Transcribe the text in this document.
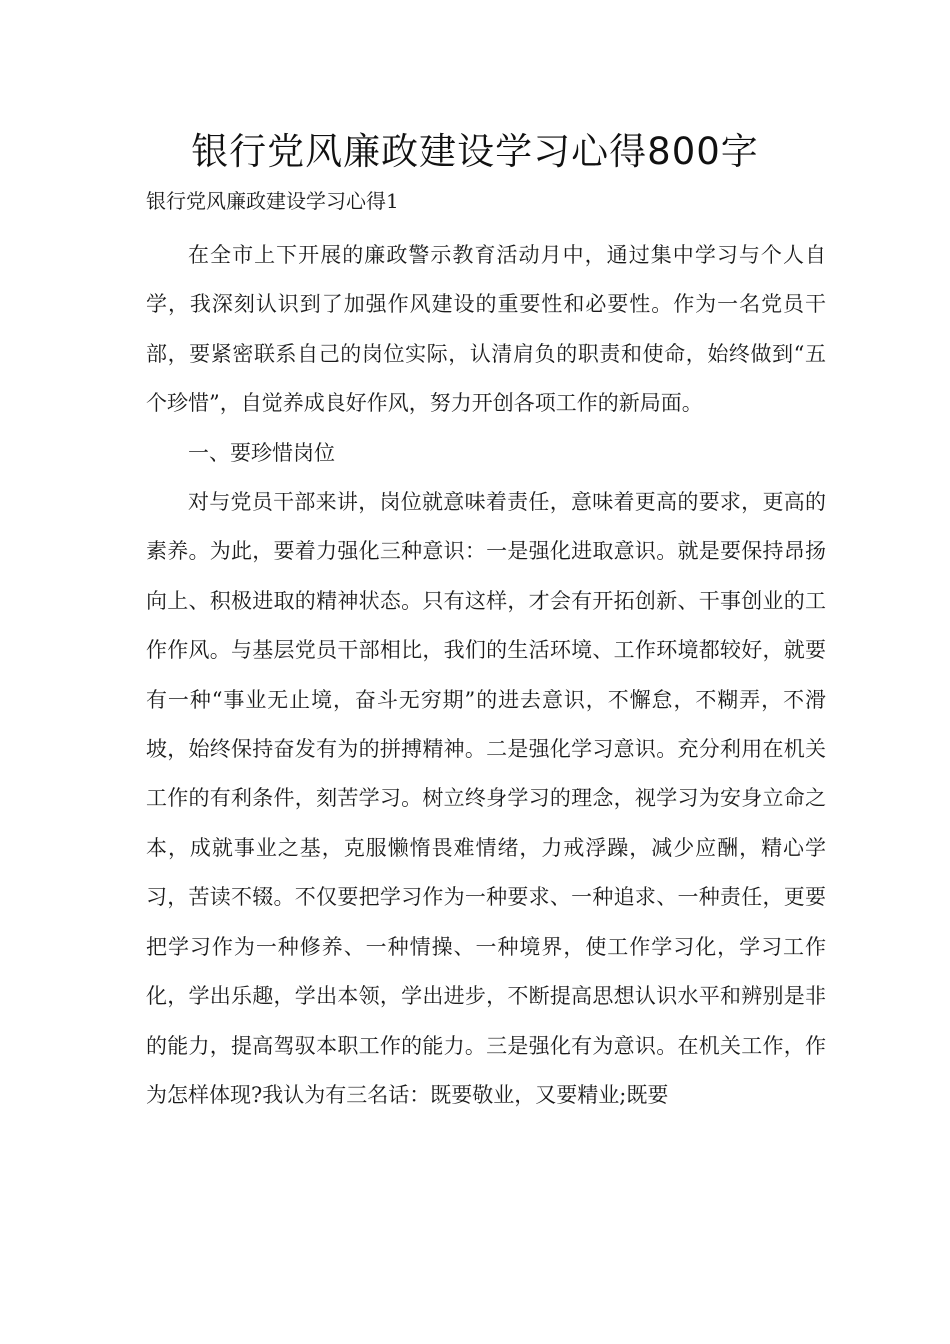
银行党风廉政建设学习心得800字
银行党风廉政建设学习心得1

在全市上下开展的廉政警示教育活动月中，通过集中学习与个人自学，我深刻认识到了加强作风建设的重要性和必要性。作为一名党员干部，要紧密联系自己的岗位实际，认清肩负的职责和使命，始终做到“五个珍惜”，自觉养成良好作风，努力开创各项工作的新局面。

一、要珍惜岗位

对与党员干部来讲，岗位就意味着责任，意味着更高的要求，更高的素养。为此，要着力强化三种意识：一是强化进取意识。就是要保持昂扬向上、积极进取的精神状态。只有这样，才会有开拓创新、干事创业的工作作风。与基层党员干部相比，我们的生活环境、工作环境都较好，就要有一种“事业无止境，奋斗无穷期”的进去意识，不懈怠，不糊弄，不滑坡，始终保持奋发有为的拼搏精神。二是强化学习意识。充分利用在机关工作的有利条件，刻苦学习。树立终身学习的理念，视学习为安身立命之本，成就事业之基，克服懒惰畏难情绪，力戒浮躁，减少应酬，精心学习，苦读不辍。不仅要把学习作为一种要求、一种追求、一种责任，更要把学习作为一种修养、一种情操、一种境界，使工作学习化，学习工作化，学出乐趣，学出本领，学出进步，不断提高思想认识水平和辨别是非的能力，提高驾驭本职工作的能力。三是强化有为意识。在机关工作，作为怎样体现?我认为有三名话：既要敬业，又要精业;既要
